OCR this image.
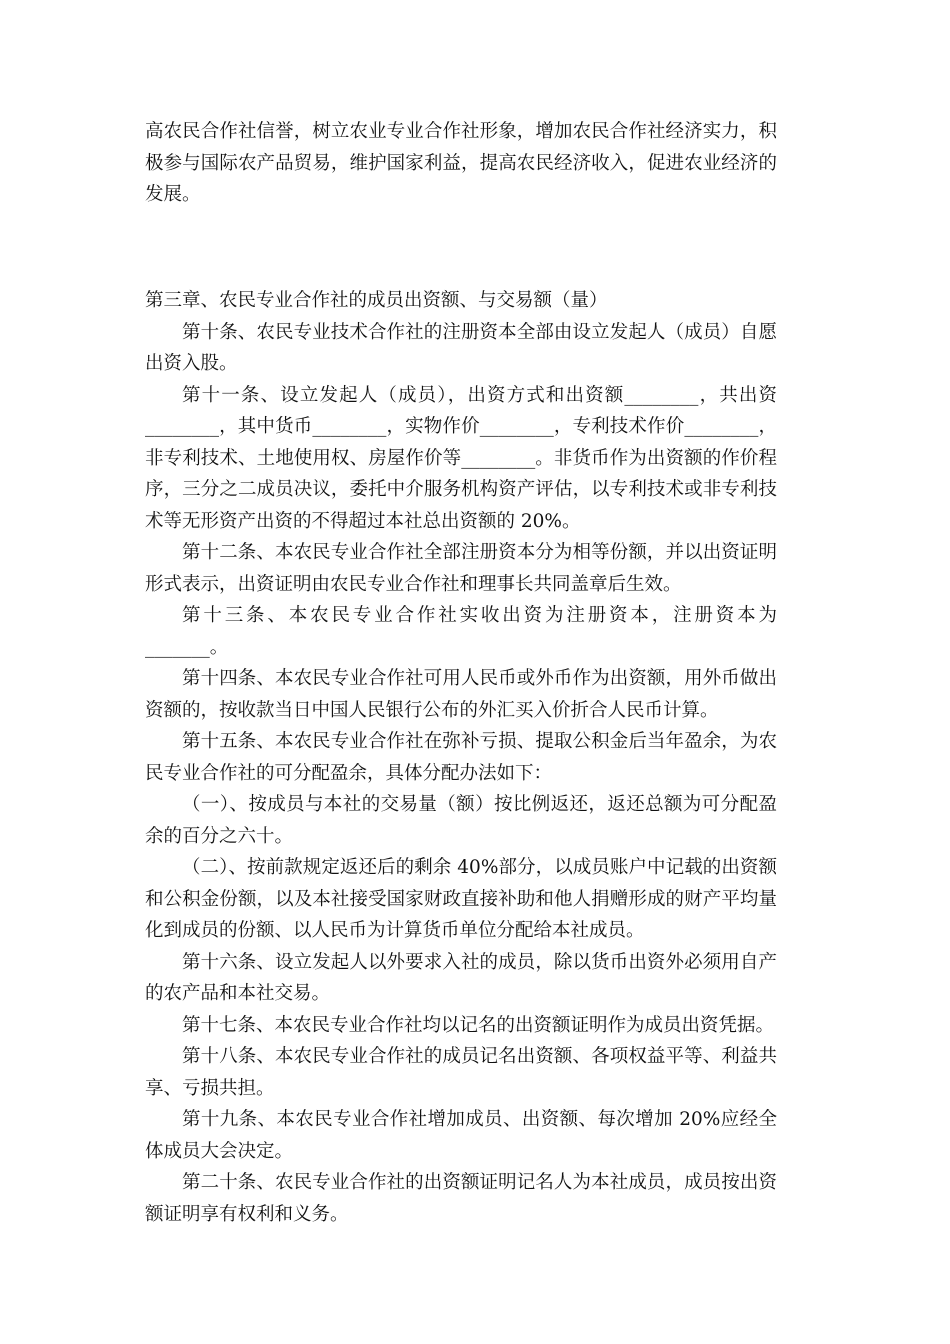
高农民合作社信誉，树立农业专业合作社形象，增加农民合作社经济实力，积极参与国际农产品贸易，维护国家利益，提高农民经济收入，促进农业经济的发展。

第三章、农民专业合作社的成员出资额、与交易额（量）

第十条、农民专业技术合作社的注册资本全部由设立发起人（成员）自愿出资入股。

第十一条、设立发起人（成员），出资方式和出资额________，共出资________，其中货币________，实物作价________，专利技术作价________，非专利技术、土地使用权、房屋作价等________。非货币作为出资额的作价程序，三分之二成员决议，委托中介服务机构资产评估，以专利技术或非专利技术等无形资产出资的不得超过本社总出资额的 20%。

第十二条、本农民专业合作社全部注册资本分为相等份额，并以出资证明形式表示，出资证明由农民专业合作社和理事长共同盖章后生效。

第十三条、本农民专业合作社实收出资为注册资本，注册资本为_______。

第十四条、本农民专业合作社可用人民币或外币作为出资额，用外币做出资额的，按收款当日中国人民银行公布的外汇买入价折合人民币计算。

第十五条、本农民专业合作社在弥补亏损、提取公积金后当年盈余，为农民专业合作社的可分配盈余，具体分配办法如下：

（一）、按成员与本社的交易量（额）按比例返还，返还总额为可分配盈余的百分之六十。

（二）、按前款规定返还后的剩余 40%部分，以成员账户中记载的出资额和公积金份额，以及本社接受国家财政直接补助和他人捐赠形成的财产平均量化到成员的份额、以人民币为计算货币单位分配给本社成员。

第十六条、设立发起人以外要求入社的成员，除以货币出资外必须用自产的农产品和本社交易。

第十七条、本农民专业合作社均以记名的出资额证明作为成员出资凭据。

第十八条、本农民专业合作社的成员记名出资额、各项权益平等、利益共享、亏损共担。

第十九条、本农民专业合作社增加成员、出资额、每次增加 20%应经全体成员大会决定。

第二十条、农民专业合作社的出资额证明记名人为本社成员，成员按出资额证明享有权利和义务。
